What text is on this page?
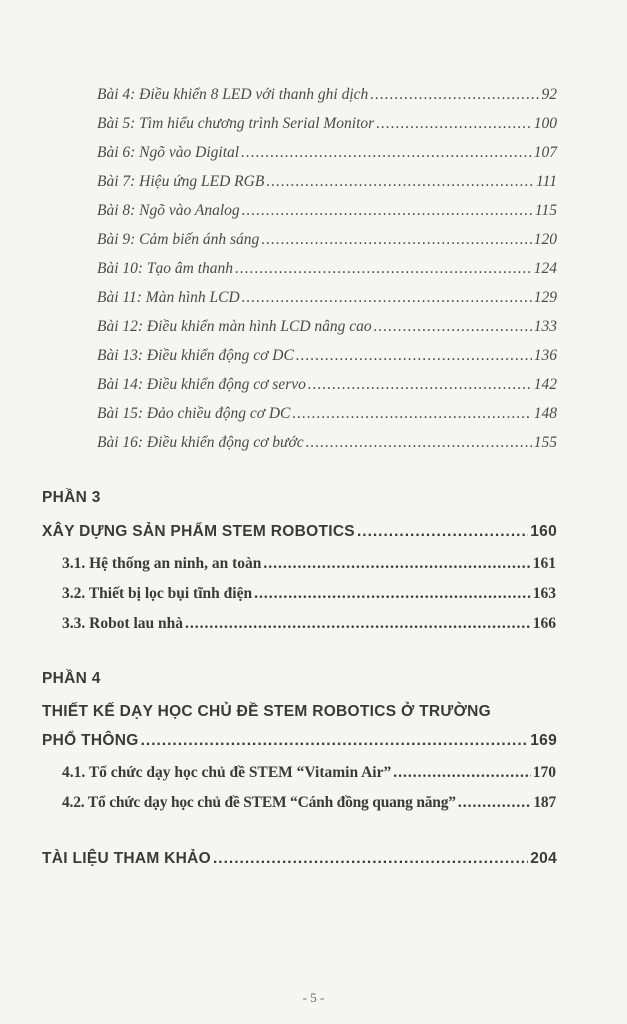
Bài 4: Điều khiển 8 LED với thanh ghi dịch .....	92
Bài 5: Tìm hiểu chương trình Serial Monitor .....	100
Bài 6: Ngõ vào Digital .....	107
Bài 7: Hiệu ứng LED RGB .....	111
Bài 8: Ngõ vào Analog .....	115
Bài 9: Cảm biến ánh sáng .....	120
Bài 10: Tạo âm thanh .....	124
Bài 11: Màn hình LCD .....	129
Bài 12: Điều khiển màn hình LCD nâng cao .....	133
Bài 13: Điều khiển động cơ DC .....	136
Bài 14: Điều khiển động cơ servo .....	142
Bài 15: Đảo chiều động cơ DC .....	148
Bài 16: Điều khiển động cơ bước .....	155
PHẦN 3
XÂY DỰNG SẢN PHẨM STEM ROBOTICS .....	160
3.1. Hệ thống an ninh, an toàn .....	161
3.2. Thiết bị lọc bụi tĩnh điện .....	163
3.3. Robot lau nhà .....	166
PHẦN 4
THIẾT KẾ DẠY HỌC CHỦ ĐỀ STEM ROBOTICS Ở TRƯỜNG
PHỔ THÔNG .....	169
4.1. Tổ chức dạy học chủ đề STEM “Vitamin Air” .....	170
4.2. Tổ chức dạy học chủ đề STEM “Cánh đồng quang năng” .....	187
TÀI LIỆU THAM KHẢO .....	204
- 5 -
